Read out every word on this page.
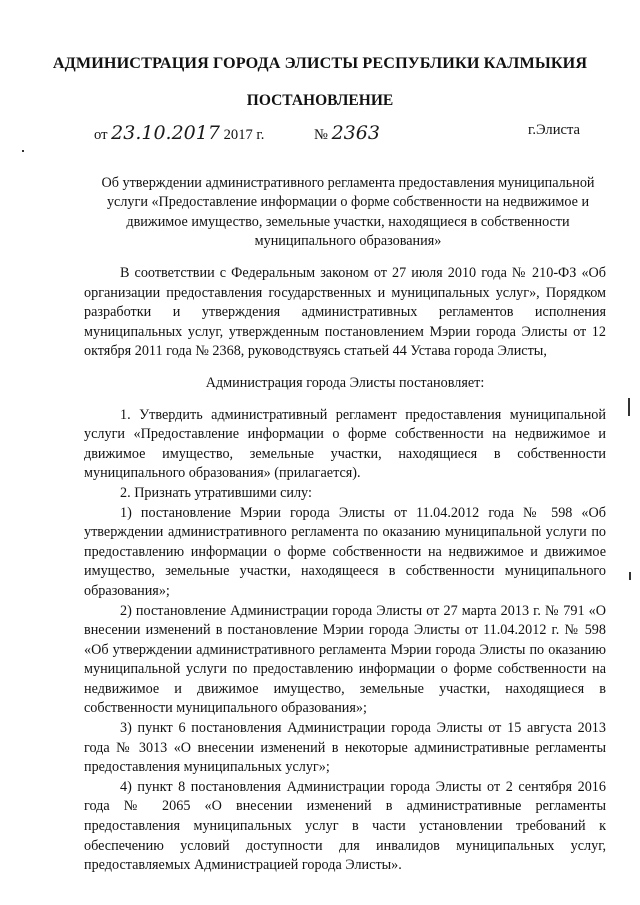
АДМИНИСТРАЦИЯ ГОРОДА ЭЛИСТЫ РЕСПУБЛИКИ КАЛМЫКИЯ
ПОСТАНОВЛЕНИЕ
от 23.10.2017 2017 г.	№ 2363	г.Элиста
Об утверждении административного регламента предоставления муниципальной услуги «Предоставление информации о форме собственности на недвижимое и движимое имущество, земельные участки, находящиеся в собственности муниципального образования»

В соответствии с Федеральным законом от 27 июля 2010 года № 210-ФЗ «Об организации предоставления государственных и муниципальных услуг», Порядком разработки и утверждения административных регламентов исполнения муниципальных услуг, утвержденным постановлением Мэрии города Элисты от 12 октября 2011 года № 2368, руководствуясь статьей 44 Устава города Элисты,

Администрация города Элисты постановляет:

1. Утвердить административный регламент предоставления муниципальной услуги «Предоставление информации о форме собственности на недвижимое и движимое имущество, земельные участки, находящиеся в собственности муниципального образования» (прилагается).

2. Признать утратившими силу:

1) постановление Мэрии города Элисты от 11.04.2012 года № 598 «Об утверждении административного регламента по оказанию муниципальной услуги по предоставлению информации о форме собственности на недвижимое и движимое имущество, земельные участки, находящееся в собственности муниципального образования»;

2) постановление Администрации города Элисты от 27 марта 2013 г. № 791 «О внесении изменений в постановление Мэрии города Элисты от 11.04.2012 г. № 598 «Об утверждении административного регламента Мэрии города Элисты по оказанию муниципальной услуги по предоставлению информации о форме собственности на недвижимое и движимое имущество, земельные участки, находящиеся в собственности муниципального образования»;

3) пункт 6 постановления Администрации города Элисты от 15 августа 2013 года № 3013 «О внесении изменений в некоторые административные регламенты предоставления муниципальных услуг»;

4) пункт 8 постановления Администрации города Элисты от 2 сентября 2016 года № 2065 «О внесении изменений в административные регламенты предоставления муниципальных услуг в части установлении требований к обеспечению условий доступности для инвалидов муниципальных услуг, предоставляемых Администрацией города Элисты».
